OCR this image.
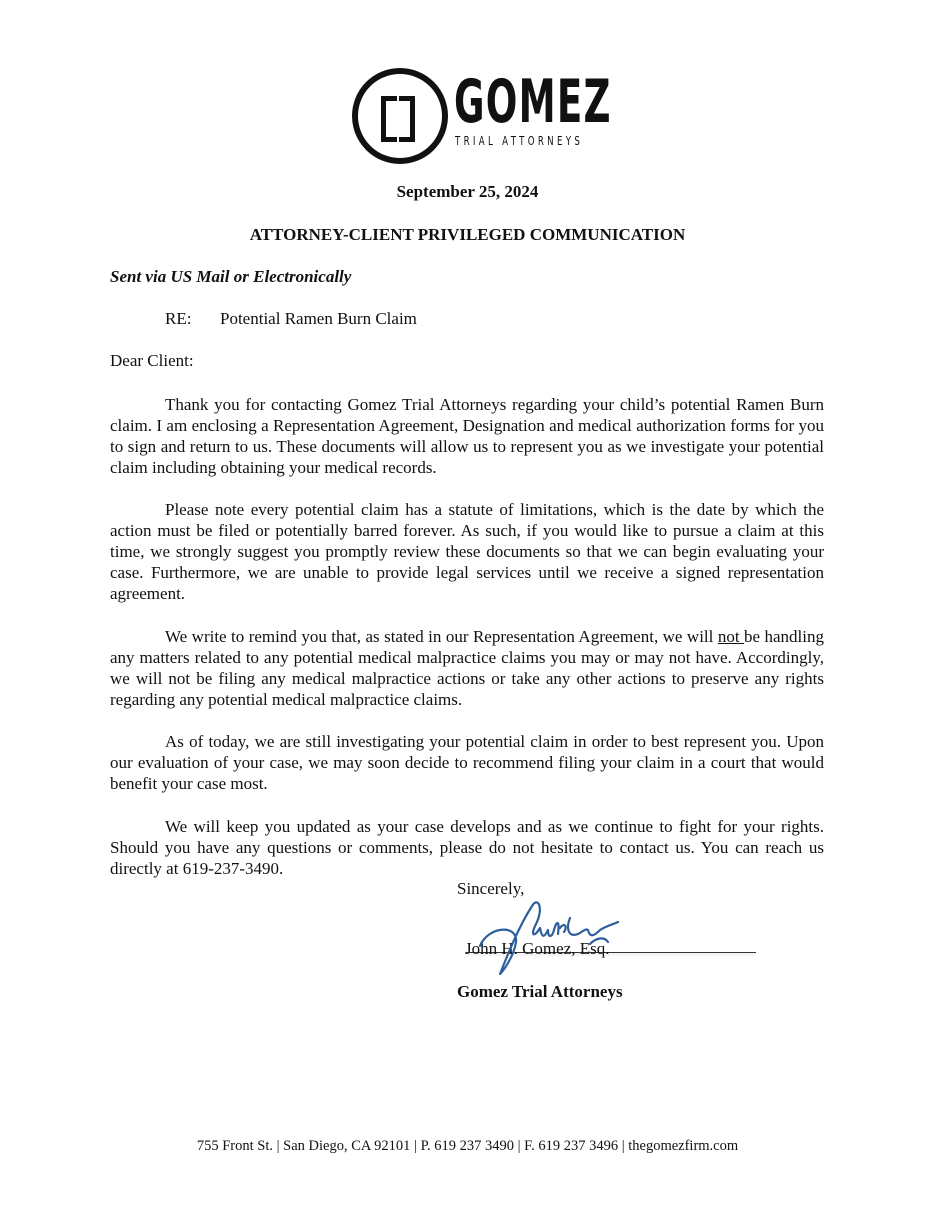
GOMEZ
TRIAL ATTORNEYS
September 25, 2024
ATTORNEY-CLIENT PRIVILEGED COMMUNICATION
Sent via US Mail or Electronically
RE: Potential Ramen Burn Claim
Dear Client:

Thank you for contacting Gomez Trial Attorneys regarding your child’s potential Ramen Burn claim. I am enclosing a Representation Agreement, Designation and medical authorization forms for you to sign and return to us. These documents will allow us to represent you as we investigate your potential claim including obtaining your medical records.

Please note every potential claim has a statute of limitations, which is the date by which the action must be filed or potentially barred forever. As such, if you would like to pursue a claim at this time, we strongly suggest you promptly review these documents so that we can begin evaluating your case. Furthermore, we are unable to provide legal services until we receive a signed representation agreement.

We write to remind you that, as stated in our Representation Agreement, we will not be handling any matters related to any potential medical malpractice claims you may or may not have. Accordingly, we will not be filing any medical malpractice actions or take any other actions to preserve any rights regarding any potential medical malpractice claims.

As of today, we are still investigating your potential claim in order to best represent you. Upon our evaluation of your case, we may soon decide to recommend filing your claim in a court that would benefit your case most.

We will keep you updated as your case develops and as we continue to fight for your rights. Should you have any questions or comments, please do not hesitate to contact us. You can reach us directly at 619-237-3490.

Sincerely,
John H. Gomez, Esq.
Gomez Trial Attorneys
755 Front St. | San Diego, CA 92101 | P. 619 237 3490 | F. 619 237 3496 | thegomezfirm.com
